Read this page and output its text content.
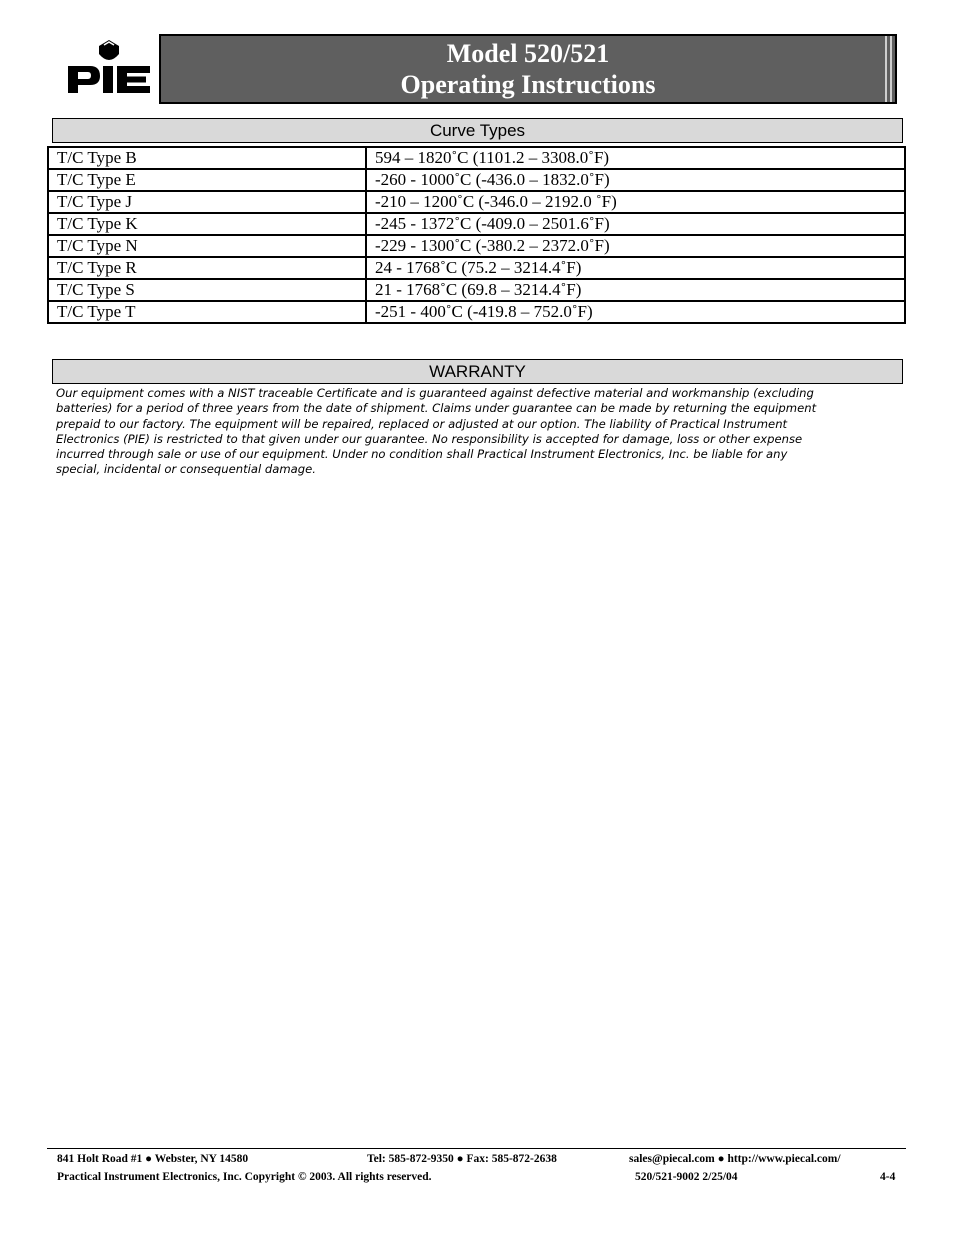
Model 520/521
Operating Instructions
Curve Types
T/C Type B	594 – 1820˚C (1101.2 – 3308.0˚F)
T/C Type E	-260 - 1000˚C (-436.0 – 1832.0˚F)
T/C Type J	-210 – 1200˚C (-346.0 – 2192.0 ˚F)
T/C Type K	-245 - 1372˚C (-409.0 – 2501.6˚F)
T/C Type N	-229 - 1300˚C (-380.2 – 2372.0˚F)
T/C Type R	24 - 1768˚C (75.2 – 3214.4˚F)
T/C Type S	21 - 1768˚C (69.8 – 3214.4˚F)
T/C Type T	-251 - 400˚C (-419.8 – 752.0˚F)
WARRANTY
Our equipment comes with a NIST traceable Certificate and is guaranteed against defective material and workmanship (excluding
batteries) for a period of three years from the date of shipment. Claims under guarantee can be made by returning the equipment
prepaid to our factory. The equipment will be repaired, replaced or adjusted at our option. The liability of Practical Instrument
Electronics (PIE) is restricted to that given under our guarantee. No responsibility is accepted for damage, loss or other expense
incurred through sale or use of our equipment. Under no condition shall Practical Instrument Electronics, Inc. be liable for any
special, incidental or consequential damage.
841 Holt Road #1 ● Webster, NY 14580	Tel: 585-872-9350 ● Fax: 585-872-2638	sales@piecal.com ● http://www.piecal.com/
Practical Instrument Electronics, Inc. Copyright © 2003. All rights reserved.	520/521-9002 2/25/04	4-4
